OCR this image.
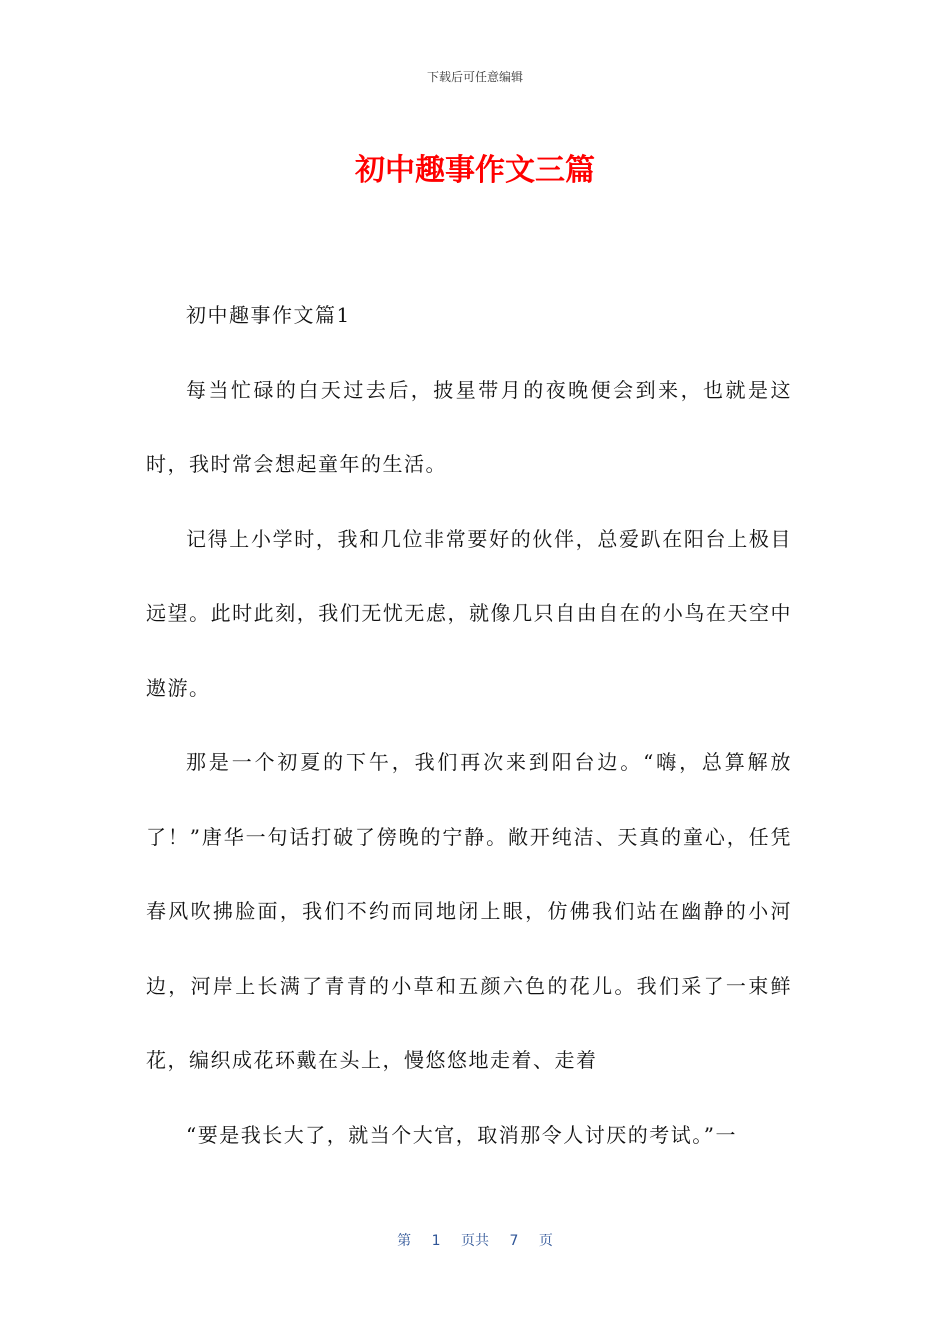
下载后可任意编辑
初中趣事作文三篇

初中趣事作文篇1

每当忙碌的白天过去后，披星带月的夜晚便会到来，也就是这时，我时常会想起童年的生活。

记得上小学时，我和几位非常要好的伙伴，总爱趴在阳台上极目远望。此时此刻，我们无忧无虑，就像几只自由自在的小鸟在天空中遨游。

那是一个初夏的下午，我们再次来到阳台边。“嗨，总算解放了！”唐华一句话打破了傍晚的宁静。敞开纯洁、天真的童心，任凭春风吹拂脸面，我们不约而同地闭上眼，仿佛我们站在幽静的小河边，河岸上长满了青青的小草和五颜六色的花儿。我们采了一束鲜花，编织成花环戴在头上，慢悠悠地走着、走着

“要是我长大了，就当个大官，取消那令人讨厌的考试。”一

第 1 页共 7 页
